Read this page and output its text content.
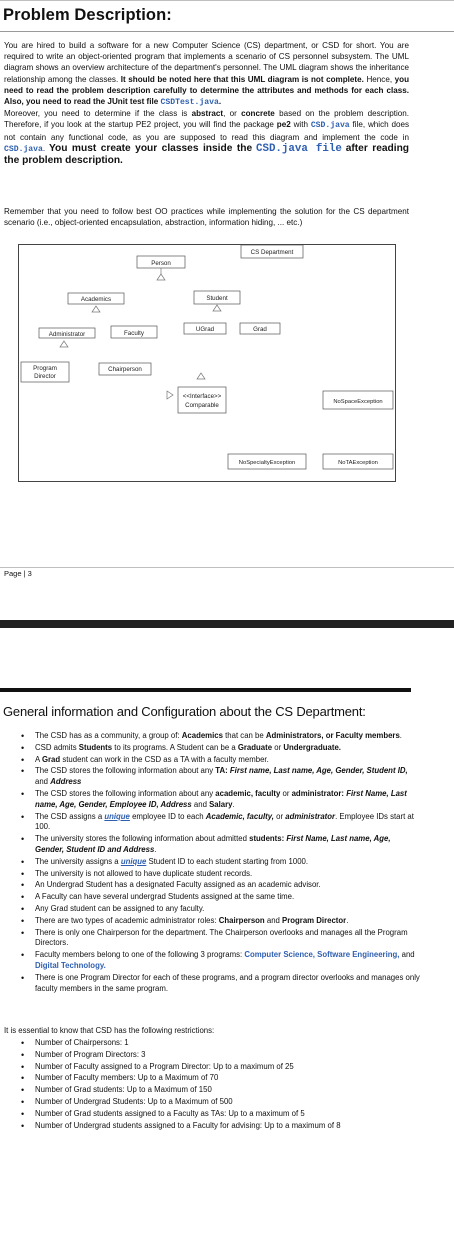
Problem Description:
You are hired to build a software for a new Computer Science (CS) department, or CSD for short. You are required to write an object-oriented program that implements a scenario of CS personnel subsystem. The UML diagram shows an overview architecture of the department's personnel. The UML diagram shows the inheritance relationship among the classes. It should be noted here that this UML diagram is not complete. Hence, you need to read the problem description carefully to determine the attributes and methods for each class. Also, you need to read the JUnit test file CSDTest.java.
Moreover, you need to determine if the class is abstract, or concrete based on the problem description. Therefore, if you look at the startup PE2 project, you will find the package pe2 with CSD.java file, which does not contain any functional code, as you are supposed to read this diagram and implement the code in CSD.java. You must create your classes inside the CSD.java file after reading the problem description.
Remember that you need to follow best OO practices while implementing the solution for the CS department scenario (i.e., object-oriented encapsulation, abstraction, information hiding, ... etc.)
CS Department
Person
Academics	Student
UGrad	Grad
Administrator	Faculty
Program
Director
Chairperson
<<Interface>>
Comparable	NoSpaceException
NoSpecialtyException	NoTAException
Page | 3
General information and Configuration about the CS Department:
• The CSD has as a community, a group of: Academics that can be Administrators, or Faculty members.
• CSD admits Students to its programs. A Student can be a Graduate or Undergraduate.
• A Grad student can work in the CSD as a TA with a faculty member.
• The CSD stores the following information about any TA: First name, Last name, Age, Gender, Student ID, and Address
• The CSD stores the following information about any academic, faculty or administrator: First Name, Last name, Age, Gender, Employee ID, Address and Salary.
• The CSD assigns a unique employee ID to each Academic, faculty, or administrator. Employee IDs start at 100.
• The university stores the following information about admitted students: First Name, Last name, Age, Gender, Student ID and Address.
• The university assigns a unique Student ID to each student starting from 1000.
• The university is not allowed to have duplicate student records.
• An Undergrad Student has a designated Faculty assigned as an academic advisor.
• A Faculty can have several undergrad Students assigned at the same time.
• Any Grad student can be assigned to any faculty.
• There are two types of academic administrator roles: Chairperson and Program Director.
• There is only one Chairperson for the department. The Chairperson overlooks and manages all the Program Directors.
• Faculty members belong to one of the following 3 programs: Computer Science, Software Engineering, and Digital Technology.
• There is one Program Director for each of these programs, and a program director overlooks and manages only faculty members in the same program.
It is essential to know that CSD has the following restrictions:
• Number of Chairpersons: 1
• Number of Program Directors: 3
• Number of Faculty assigned to a Program Director: Up to a maximum of 25
• Number of Faculty members: Up to a Maximum of 70
• Number of Grad students: Up to a Maximum of 150
• Number of Undergrad Students: Up to a Maximum of 500
• Number of Grad students assigned to a Faculty as TAs: Up to a maximum of 5
• Number of Undergrad students assigned to a Faculty for advising: Up to a maximum of 8
